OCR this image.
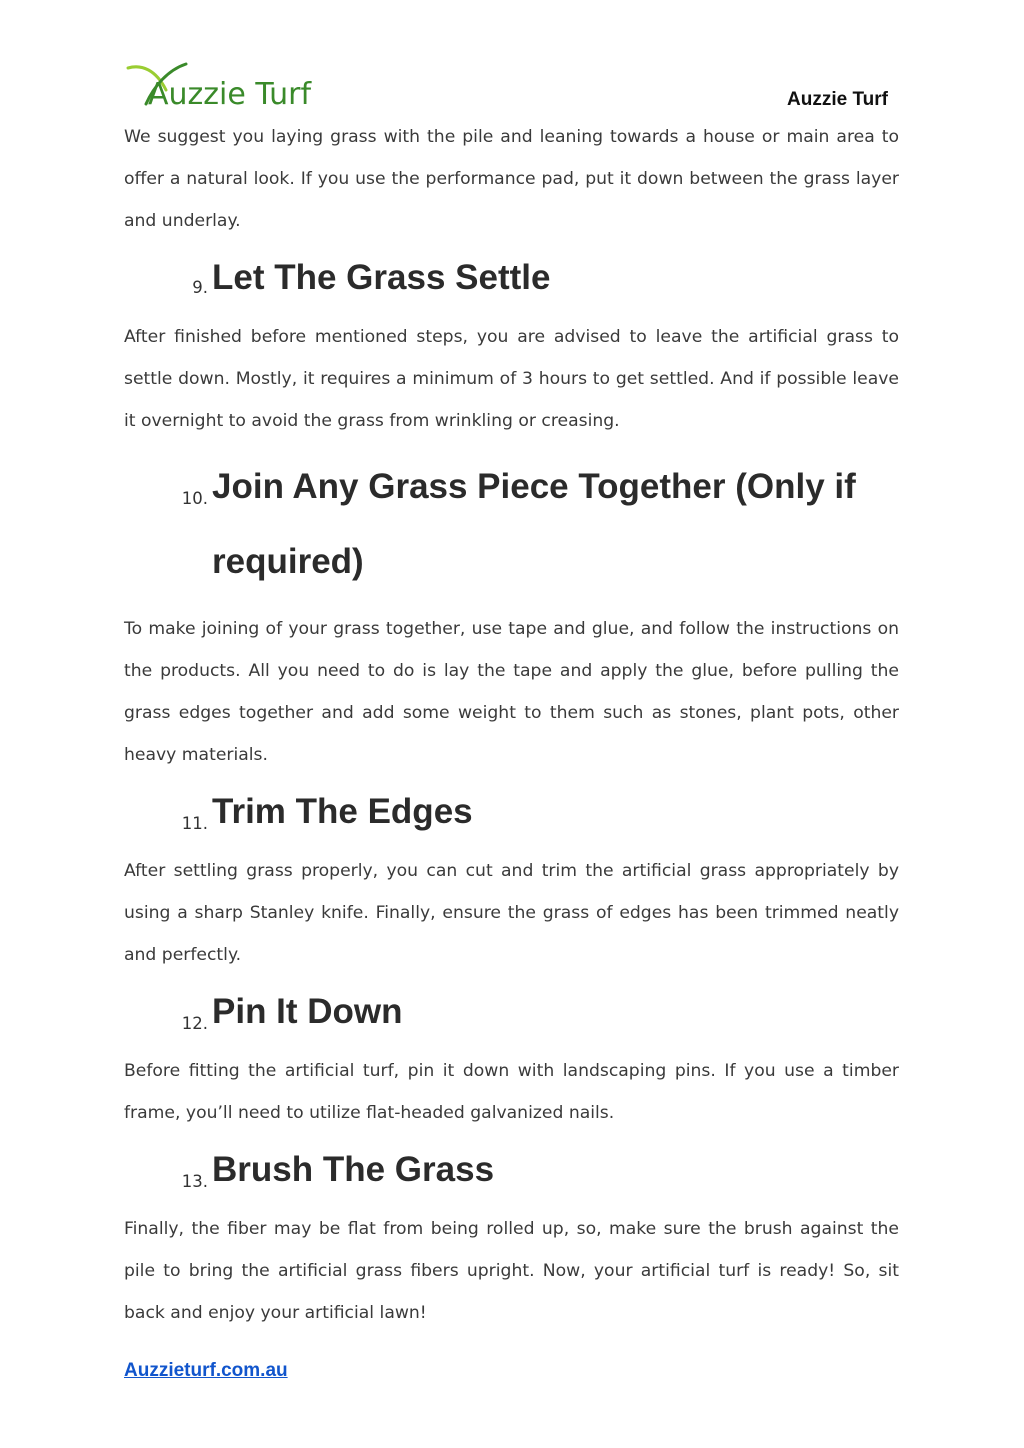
Auzzie Turf	Auzzie Turf

We suggest you laying grass with the pile and leaning towards a house or main area to offer a natural look. If you use the performance pad, put it down between the grass layer and underlay.

9. Let The Grass Settle

After finished before mentioned steps, you are advised to leave the artificial grass to settle down. Mostly, it requires a minimum of 3 hours to get settled. And if possible leave it overnight to avoid the grass from wrinkling or creasing.

10. Join Any Grass Piece Together (Only if required)

To make joining of your grass together, use tape and glue, and follow the instructions on the products. All you need to do is lay the tape and apply the glue, before pulling the grass edges together and add some weight to them such as stones, plant pots, other heavy materials.

11. Trim The Edges

After settling grass properly, you can cut and trim the artificial grass appropriately by using a sharp Stanley knife. Finally, ensure the grass of edges has been trimmed neatly and perfectly.

12. Pin It Down

Before fitting the artificial turf, pin it down with landscaping pins. If you use a timber frame, you’ll need to utilize flat-headed galvanized nails.

13. Brush The Grass

Finally, the fiber may be flat from being rolled up, so, make sure the brush against the pile to bring the artificial grass fibers upright. Now, your artificial turf is ready! So, sit back and enjoy your artificial lawn!

Auzzieturf.com.au
